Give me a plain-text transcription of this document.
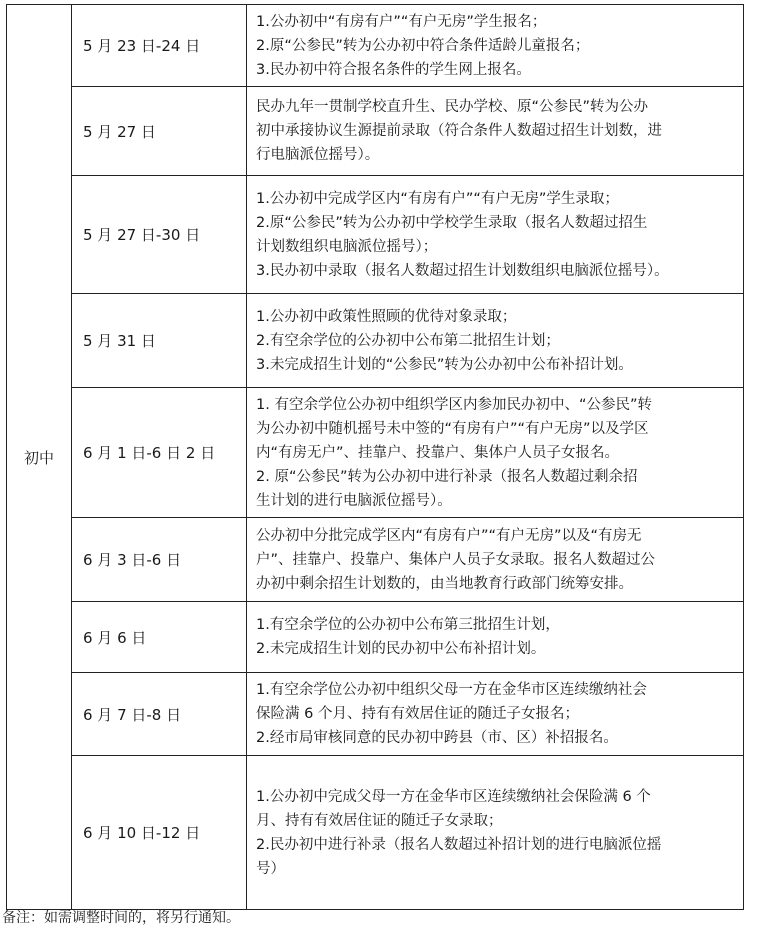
初中	5 月 23 日-24 日	1.公办初中“有房有户”“有户无房”学生报名；
2.原“公参民”转为公办初中符合条件适龄儿童报名；
3.民办初中符合报名条件的学生网上报名。

	5 月 27 日	民办九年一贯制学校直升生、民办学校、原“公参民”转为公办
初中承接协议生源提前录取（符合条件人数超过招生计划数，进
行电脑派位摇号）。

	5 月 27 日-30 日	1.公办初中完成学区内“有房有户”“有户无房”学生录取；
2.原“公参民”转为公办初中学校学生录取（报名人数超过招生
计划数组织电脑派位摇号）；
3.民办初中录取（报名人数超过招生计划数组织电脑派位摇号）。

	5 月 31 日	1.公办初中政策性照顾的优待对象录取；
2.有空余学位的公办初中公布第二批招生计划；
3.未完成招生计划的“公参民”转为公办初中公布补招计划。

	6 月 1 日-6 日 2 日	1. 有空余学位公办初中组织学区内参加民办初中、“公参民”转
为公办初中随机摇号未中签的“有房有户”“有户无房”以及学区
内“有房无户”、挂靠户、投靠户、集体户人员子女报名。
2. 原“公参民”转为公办初中进行补录（报名人数超过剩余招
生计划的进行电脑派位摇号）。

	6 月 3 日-6 日	公办初中分批完成学区内“有房有户”“有户无房”以及“有房无
户”、挂靠户、投靠户、集体户人员子女录取。报名人数超过公
办初中剩余招生计划数的，由当地教育行政部门统筹安排。

	6 月 6 日	1.有空余学位的公办初中公布第三批招生计划，
2.未完成招生计划的民办初中公布补招计划。

	6 月 7 日-8 日	1.有空余学位公办初中组织父母一方在金华市区连续缴纳社会
保险满 6 个月、持有有效居住证的随迁子女报名；
2.经市局审核同意的民办初中跨县（市、区）补招报名。

	6 月 10 日-12 日	1.公办初中完成父母一方在金华市区连续缴纳社会保险满 6 个
月、持有有效居住证的随迁子女录取；
2.民办初中进行补录（报名人数超过补招计划的进行电脑派位摇
号）
备注：如需调整时间的，将另行通知。
